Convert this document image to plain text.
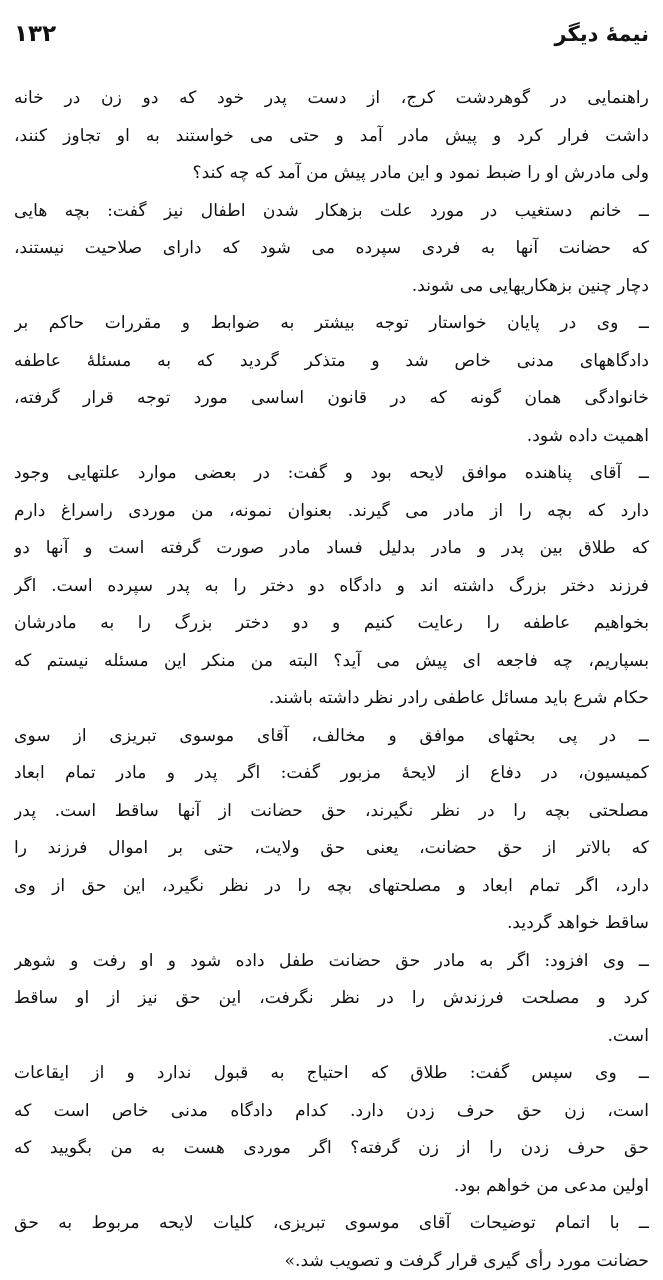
۱۳۲	نیمهٔ دیگر
راهنمایی در گوهردشت کرج، از دست پدر خود که دو زن در خانه
داشت فرار کرد و پیش مادر آمد و حتی می خواستند به او تجاوز کنند،
ولی مادرش او را ضبط نمود و این مادر پیش من آمد که چه کند؟
ــ خانم دستغیب در مورد علت بزهکار شدن اطفال نیز گفت: بچه هایی
که حضانت آنها به فردی سپرده می شود که دارای صلاحیت نیستند،
دچار چنین بزهکاریهایی می شوند.
ــ وی در پایان خواستار توجه بیشتر به ضوابط و مقررات حاکم بر
دادگاههای مدنی خاص شد و متذکر گردید که به مسئلهٔ عاطفه
خانوادگی همان گونه که در قانون اساسی مورد توجه قرار گرفته،
اهمیت داده شود.
ــ آقای پناهنده موافق لایحه بود و گفت: در بعضی موارد علتهایی وجود
دارد که بچه را از مادر می گیرند. بعنوان نمونه، من موردی راسراغ دارم
که طلاق بین پدر و مادر بدلیل فساد مادر صورت گرفته است و آنها دو
فرزند دختر بزرگ داشته اند و دادگاه دو دختر را به پدر سپرده است. اگر
بخواهیم عاطفه را رعایت کنیم و دو دختر بزرگ را به مادرشان
بسپاریم، چه فاجعه ای پیش می آید؟ البته من منکر این مسئله نیستم که
حکام شرع باید مسائل عاطفی رادر نظر داشته باشند.
ــ در پی بحثهای موافق و مخالف، آقای موسوی تبریزی از سوی
کمیسیون، در دفاع از لایحهٔ مزبور گفت: اگر پدر و مادر تمام ابعاد
مصلحتی بچه را در نظر نگیرند، حق حضانت از آنها ساقط است. پدر
که بالاتر از حق حضانت، یعنی حق ولایت، حتی بر اموال فرزند را
دارد، اگر تمام ابعاد و مصلحتهای بچه را در نظر نگیرد، این حق از وی
ساقط خواهد گردید.
ــ وی افزود: اگر به مادر حق حضانت طفل داده شود و او رفت و شوهر
کرد و مصلحت فرزندش را در نظر نگرفت، این حق نیز از او ساقط
است.
ــ وی سپس گفت: طلاق که احتیاج به قبول ندارد و از ایقاعات
است، زن حق حرف زدن دارد. کدام دادگاه مدنی خاص است که
حق حرف زدن را از زن گرفته؟ اگر موردی هست به من بگویید که
اولین مدعی من خواهم بود.
ــ با اتمام توضیحات آقای موسوی تبریزی، کلیات لایحه مربوط به حق
حضانت مورد رأی گیری قرار گرفت و تصویب شد.»
